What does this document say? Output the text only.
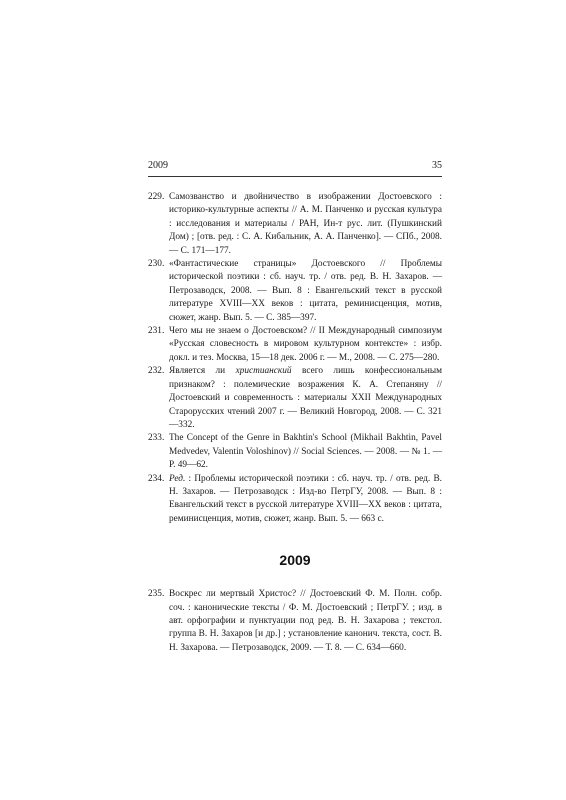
2009	35
229. Самозванство и двойничество в изображении Достоевского : историко-культурные аспекты // А. М. Панченко и русская культура : исследования и материалы / РАН, Ин-т рус. лит. (Пушкинский Дом) ; [отв. ред. : С. А. Кибальник, А. А. Панченко]. — СПб., 2008. — С. 171—177.
230. «Фантастические страницы» Достоевского // Проблемы исторической поэтики : сб. науч. тр. / отв. ред. В. Н. Захаров. — Петрозаводск, 2008. — Вып. 8 : Евангельский текст в русской литературе XVIII—XX веков : цитата, реминисценция, мотив, сюжет, жанр. Вып. 5. — С. 385—397.
231. Чего мы не знаем о Достоевском? // II Международный симпозиум «Русская словесность в мировом культурном контексте» : избр. докл. и тез. Москва, 15—18 дек. 2006 г. — М., 2008. — С. 275—280.
232. Является ли христианский всего лишь конфессиональным признаком? : полемические возражения К. А. Степаняну // Достоевский и современность : материалы XXII Международных Старорусских чтений 2007 г. — Великий Новгород, 2008. — С. 321—332.
233. The Concept of the Genre in Bakhtin's School (Mikhail Bakhtin, Pavel Medvedev, Valentin Voloshinov) // Social Sciences. — 2008. — № 1. — P. 49—62.
234. Ред. : Проблемы исторической поэтики : сб. науч. тр. / отв. ред. В. Н. Захаров. — Петрозаводск : Изд-во ПетрГУ, 2008. — Вып. 8 : Евангельский текст в русской литературе XVIII—XX веков : цитата, реминисценция, мотив, сюжет, жанр. Вып. 5. — 663 с.
2009
235. Воскрес ли мертвый Христос? // Достоевский Ф. М. Полн. собр. соч. : канонические тексты / Ф. М. Достоевский ; ПетрГУ. ; изд. в авт. орфографии и пунктуации под ред. В. Н. Захарова ; текстол. группа В. Н. Захаров [и др.] ; установление канонич. текста, сост. В. Н. Захарова. — Петрозаводск, 2009. — Т. 8. — С. 634—660.
